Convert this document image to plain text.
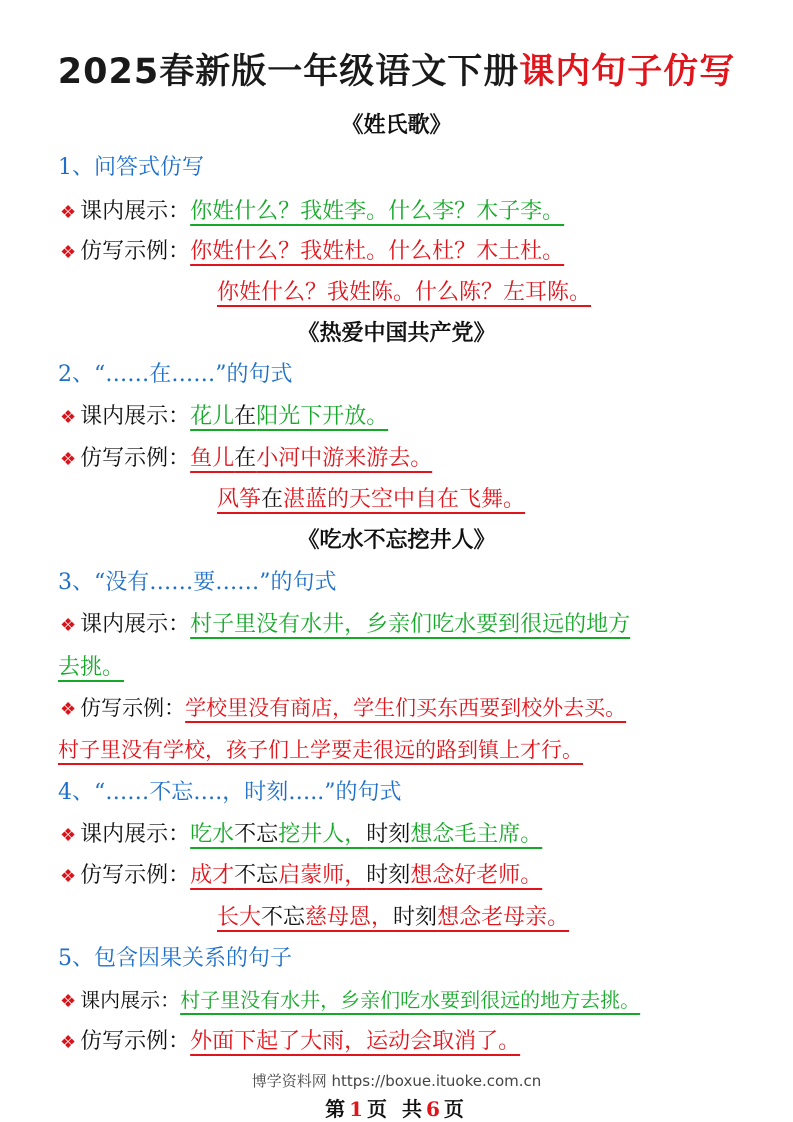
2025春新版一年级语文下册课内句子仿写
《姓氏歌》
1、问答式仿写
❖ 课内展示：你姓什么？我姓李。什么李？木子李。
❖ 仿写示例：你姓什么？我姓杜。什么杜？木土杜。
你姓什么？我姓陈。什么陈？左耳陈。
《热爱中国共产党》
2、“……在……”的句式
❖ 课内展示：花儿在阳光下开放。
❖ 仿写示例：鱼儿在小河中游来游去。
风筝在湛蓝的天空中自在飞舞。
《吃水不忘挖井人》
3、“没有……要……”的句式
❖ 课内展示：村子里没有水井，乡亲们吃水要到很远的地方
去挑。
❖ 仿写示例：学校里没有商店，学生们买东西要到校外去买。
村子里没有学校，孩子们上学要走很远的路到镇上才行。
4、“……不忘….，时刻…..”的句式
❖ 课内展示：吃水不忘挖井人，时刻想念毛主席。
❖ 仿写示例：成才不忘启蒙师，时刻想念好老师。
长大不忘慈母恩，时刻想念老母亲。
5、包含因果关系的句子
❖ 课内展示：村子里没有水井，乡亲们吃水要到很远的地方去挑。
❖ 仿写示例：外面下起了大雨，运动会取消了。
博学资料网 https://boxue.ituoke.com.cn
第1页 共6页
